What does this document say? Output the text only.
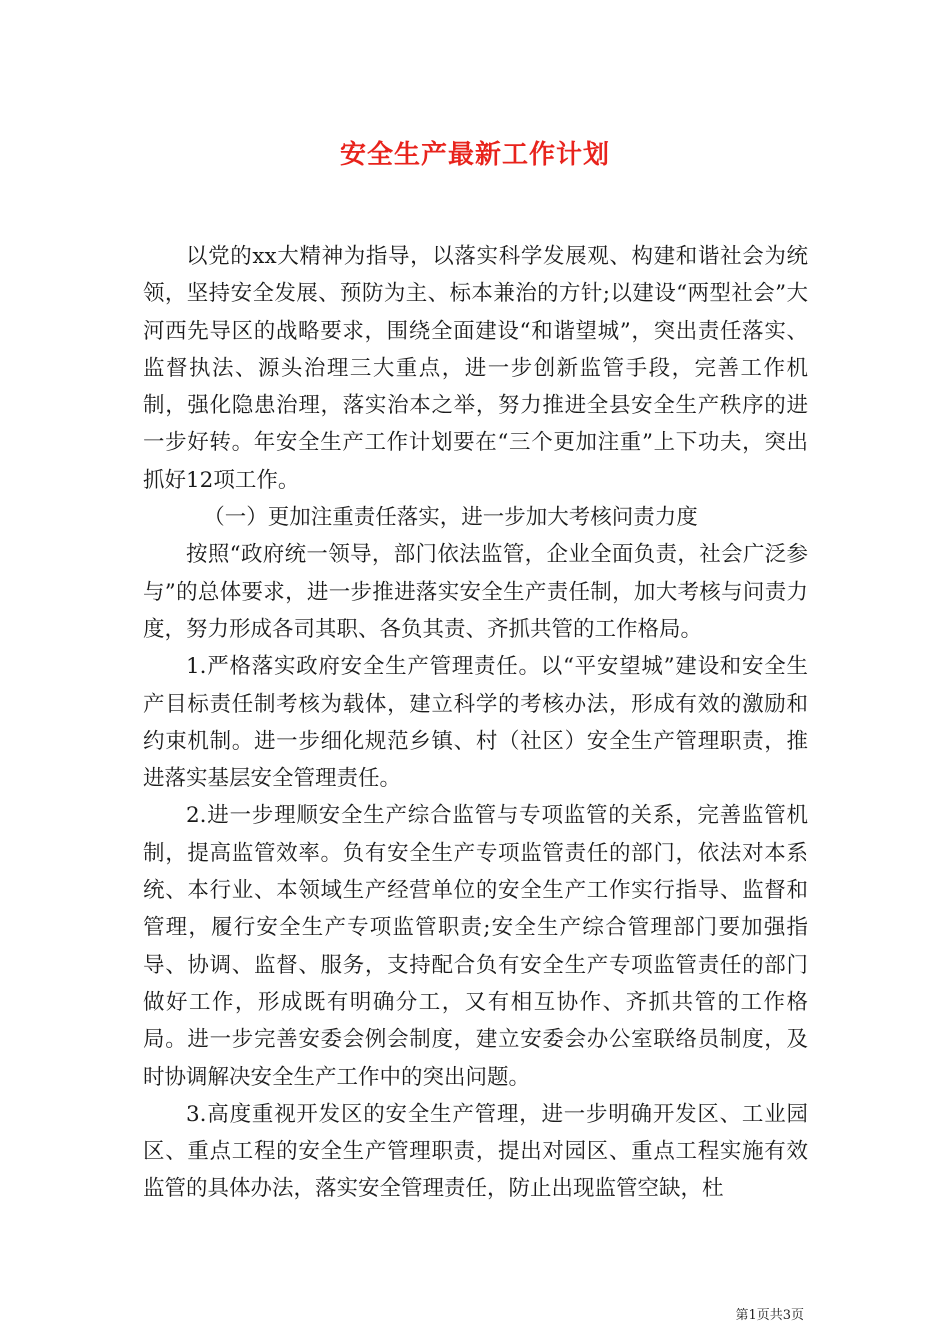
安全生产最新工作计划

以党的xx大精神为指导，以落实科学发展观、构建和谐社会为统领，坚持安全发展、预防为主、标本兼治的方针;以建设“两型社会”大河西先导区的战略要求，围绕全面建设“和谐望城”，突出责任落实、监督执法、源头治理三大重点，进一步创新监管手段，完善工作机制，强化隐患治理，落实治本之举，努力推进全县安全生产秩序的进一步好转。年安全生产工作计划要在“三个更加注重”上下功夫，突出抓好12项工作。

（一）更加注重责任落实，进一步加大考核问责力度

按照“政府统一领导，部门依法监管，企业全面负责，社会广泛参与”的总体要求，进一步推进落实安全生产责任制，加大考核与问责力度，努力形成各司其职、各负其责、齐抓共管的工作格局。

1.严格落实政府安全生产管理责任。以“平安望城”建设和安全生产目标责任制考核为载体，建立科学的考核办法，形成有效的激励和约束机制。进一步细化规范乡镇、村（社区）安全生产管理职责，推进落实基层安全管理责任。

2.进一步理顺安全生产综合监管与专项监管的关系，完善监管机制，提高监管效率。负有安全生产专项监管责任的部门，依法对本系统、本行业、本领域生产经营单位的安全生产工作实行指导、监督和管理，履行安全生产专项监管职责;安全生产综合管理部门要加强指导、协调、监督、服务，支持配合负有安全生产专项监管责任的部门做好工作，形成既有明确分工，又有相互协作、齐抓共管的工作格局。进一步完善安委会例会制度，建立安委会办公室联络员制度，及时协调解决安全生产工作中的突出问题。

3.高度重视开发区的安全生产管理，进一步明确开发区、工业园区、重点工程的安全生产管理职责，提出对园区、重点工程实施有效监管的具体办法，落实安全管理责任，防止出现监管空缺，杜

第1页共3页
